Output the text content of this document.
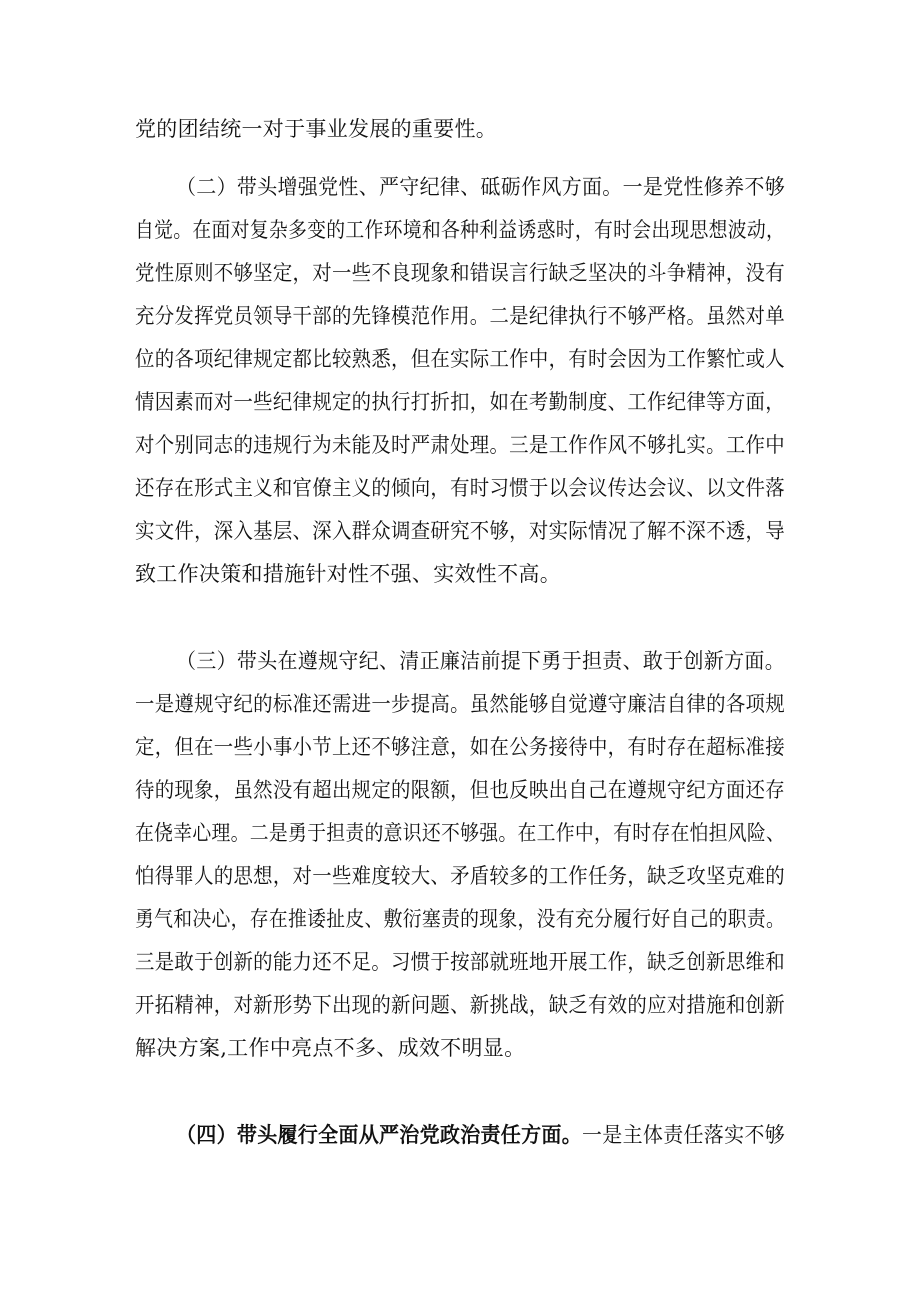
党的团结统一对于事业发展的重要性。
（二）带头增强党性、严守纪律、砥砺作风方面。一是党性修养不够
自觉。在面对复杂多变的工作环境和各种利益诱惑时，有时会出现思想波动，
党性原则不够坚定，对一些不良现象和错误言行缺乏坚决的斗争精神，没有
充分发挥党员领导干部的先锋模范作用。二是纪律执行不够严格。虽然对单
位的各项纪律规定都比较熟悉，但在实际工作中，有时会因为工作繁忙或人
情因素而对一些纪律规定的执行打折扣，如在考勤制度、工作纪律等方面，
对个别同志的违规行为未能及时严肃处理。三是工作作风不够扎实。工作中
还存在形式主义和官僚主义的倾向，有时习惯于以会议传达会议、以文件落
实文件，深入基层、深入群众调查研究不够，对实际情况了解不深不透，导
致工作决策和措施针对性不强、实效性不高。
（三）带头在遵规守纪、清正廉洁前提下勇于担责、敢于创新方面。
一是遵规守纪的标准还需进一步提高。虽然能够自觉遵守廉洁自律的各项规
定，但在一些小事小节上还不够注意，如在公务接待中，有时存在超标准接
待的现象，虽然没有超出规定的限额，但也反映出自己在遵规守纪方面还存
在侥幸心理。二是勇于担责的意识还不够强。在工作中，有时存在怕担风险、
怕得罪人的思想，对一些难度较大、矛盾较多的工作任务，缺乏攻坚克难的
勇气和决心，存在推诿扯皮、敷衍塞责的现象，没有充分履行好自己的职责。
三是敢于创新的能力还不足。习惯于按部就班地开展工作，缺乏创新思维和
开拓精神，对新形势下出现的新问题、新挑战，缺乏有效的应对措施和创新
解决方案,工作中亮点不多、成效不明显。
（四）带头履行全面从严治党政治责任方面。一是主体责任落实不够
